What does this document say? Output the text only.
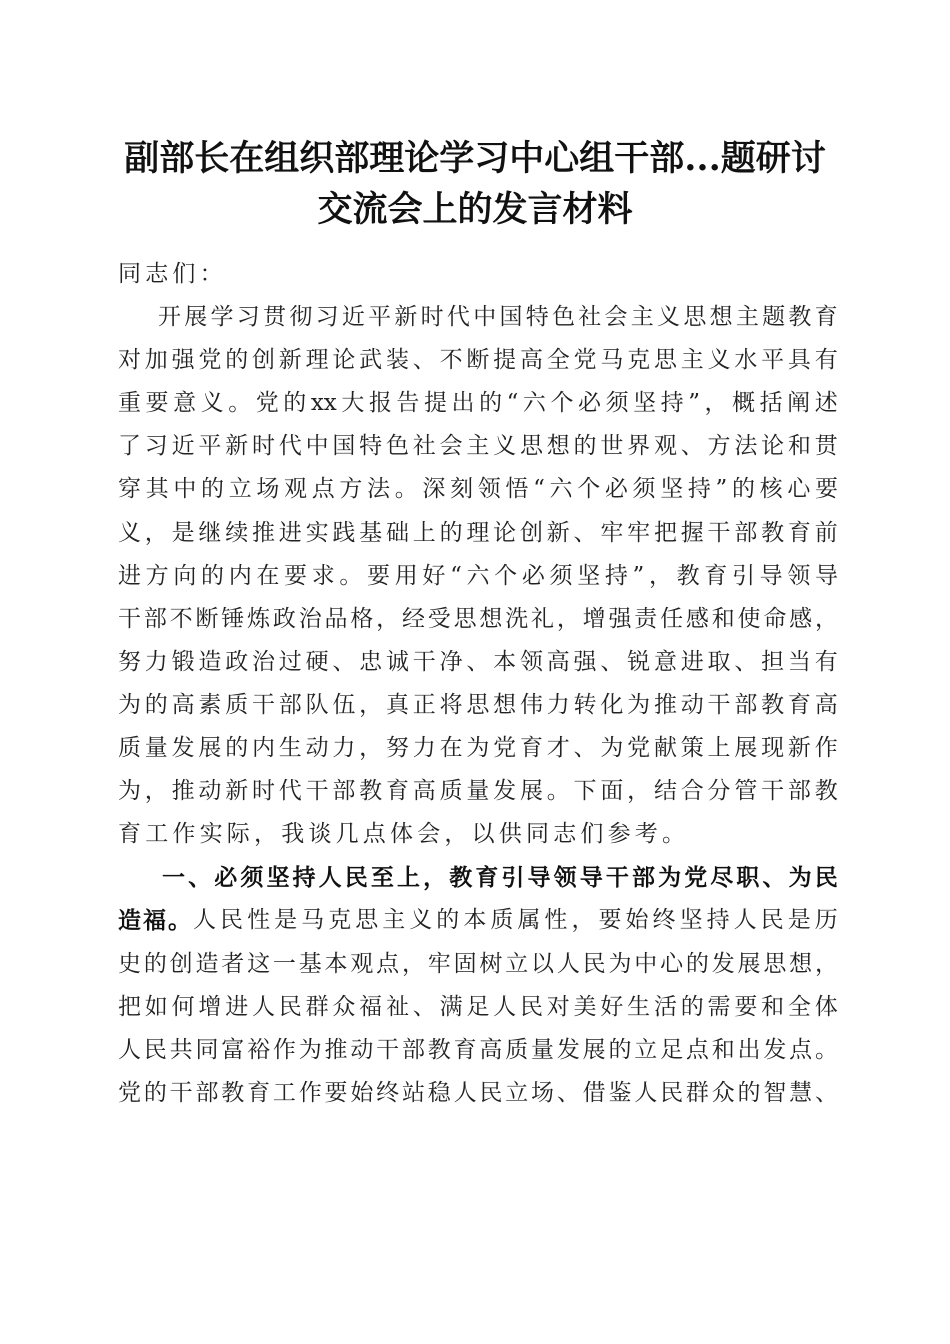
副部长在组织部理论学习中心组干部...题研讨
交流会上的发言材料
同志们：
开 展 学 习 贯 彻 习 近 平 新 时 代 中 国 特 色 社 会 主 义 思 想 主 题 教 育
对 加 强 党 的 创 新 理 论 武 装 、 不 断 提 高 全 党 马 克 思 主 义 水 平 具 有
重 要 意 义 。 党 的 xx 大 报 告 提 出 的 “ 六 个 必 须 坚 持 ” ， 概 括 阐 述
了 习 近 平 新 时 代 中 国 特 色 社 会 主 义 思 想 的 世 界 观 、 方 法 论 和 贯
穿 其 中 的 立 场 观 点 方 法 。 深 刻 领 悟 “ 六 个 必 须 坚 持 ” 的 核 心 要
义 ， 是 继 续 推 进 实 践 基 础 上 的 理 论 创 新 、 牢 牢 把 握 干 部 教 育 前
进 方 向 的 内 在 要 求 。 要 用 好 “ 六 个 必 须 坚 持 ” ， 教 育 引 导 领 导
干 部 不 断 锤 炼 政 治 品 格 ， 经 受 思 想 洗 礼 ， 增 强 责 任 感 和 使 命 感 ，
努 力 锻 造 政 治 过 硬 、 忠 诚 干 净 、 本 领 高 强 、 锐 意 进 取 、 担 当 有
为 的 高 素 质 干 部 队 伍 ， 真 正 将 思 想 伟 力 转 化 为 推 动 干 部 教 育 高
质 量 发 展 的 内 生 动 力 ， 努 力 在 为 党 育 才 、 为 党 献 策 上 展 现 新 作
为 ， 推 动 新 时 代 干 部 教 育 高 质 量 发 展 。 下 面 ， 结 合 分 管 干 部 教
育工作实际，我谈几点体会，以供同志们参考。
一 、 必 须 坚 持 人 民 至 上 ， 教 育 引 导 领 导 干 部 为 党 尽 职 、 为 民
造福。 人 民 性 是 马 克 思 主 义 的 本 质 属 性 ， 要 始 终 坚 持 人 民 是 历
史 的 创 造 者 这 一 基 本 观 点 ， 牢 固 树 立 以 人 民 为 中 心 的 发 展 思 想 ，
把 如 何 增 进 人 民 群 众 福 祉 、 满 足 人 民 对 美 好 生 活 的 需 要 和 全 体
人 民 共 同 富 裕 作 为 推 动 干 部 教 育 高 质 量 发 展 的 立 足 点 和 出 发 点 。
党 的 干 部 教 育 工 作 要 始 终 站 稳 人 民 立 场 、 借 鉴 人 民 群 众 的 智 慧 、
